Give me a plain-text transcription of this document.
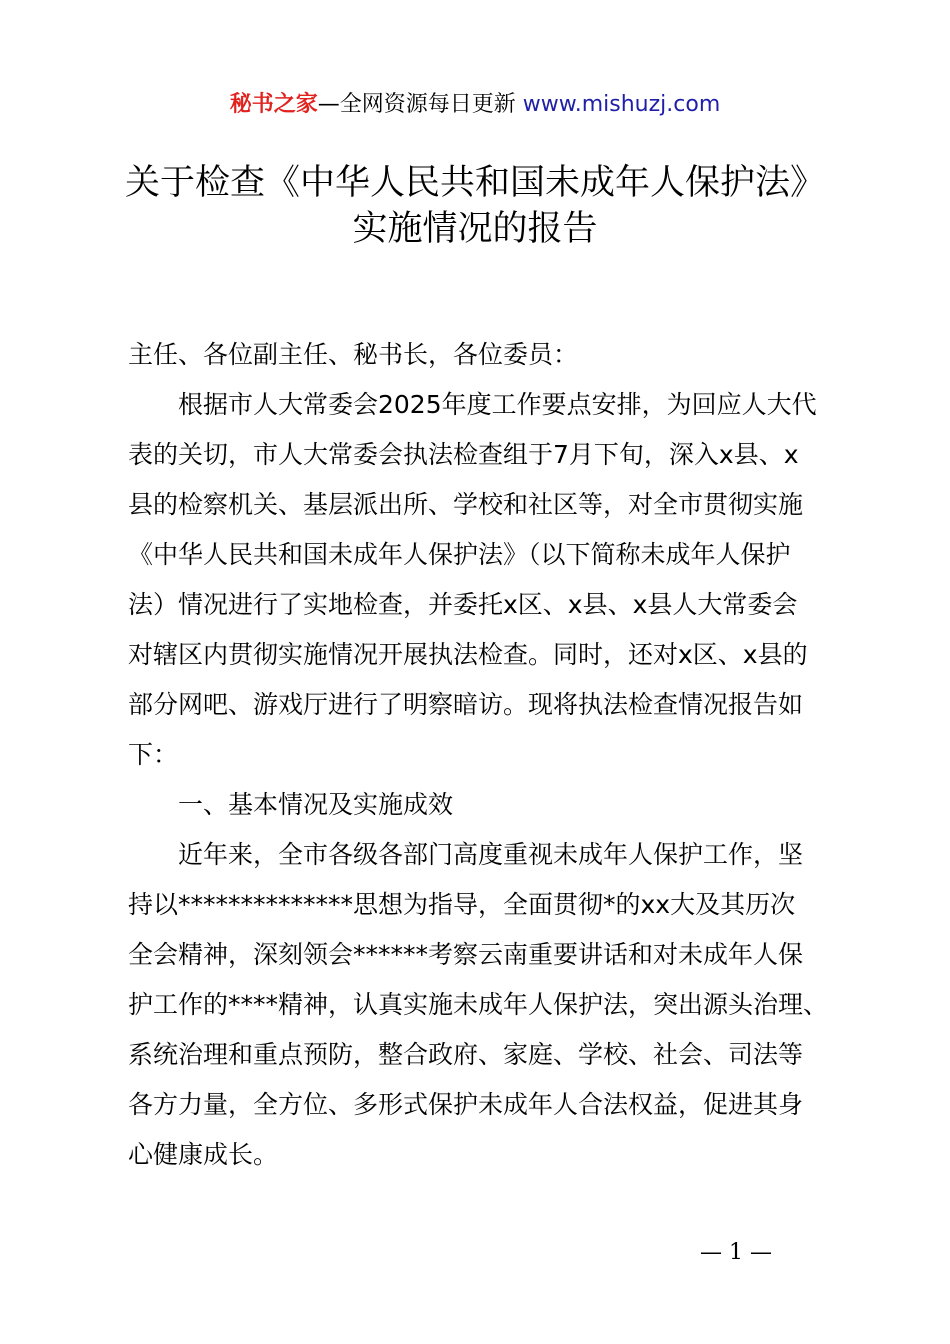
秘书之家—全网资源每日更新 www.mishuzj.com
关于检查《中华人民共和国未成年人保护法》
实施情况的报告
主任、各位副主任、秘书长，各位委员：
根据市人大常委会2025年度工作要点安排，为回应人大代
表的关切，市人大常委会执法检查组于7月下旬，深入x县、x
县的检察机关、基层派出所、学校和社区等，对全市贯彻实施
《中华人民共和国未成年人保护法》（以下简称未成年人保护
法）情况进行了实地检查，并委托x区、x县、x县人大常委会
对辖区内贯彻实施情况开展执法检查。同时，还对x区、x县的
部分网吧、游戏厅进行了明察暗访。现将执法检查情况报告如
下：
一、基本情况及实施成效
近年来，全市各级各部门高度重视未成年人保护工作，坚
持以**************思想为指导，全面贯彻*的xx大及其历次
全会精神，深刻领会******考察云南重要讲话和对未成年人保
护工作的****精神，认真实施未成年人保护法，突出源头治理、
系统治理和重点预防，整合政府、家庭、学校、社会、司法等
各方力量，全方位、多形式保护未成年人合法权益，促进其身
心健康成长。
— 1 —
